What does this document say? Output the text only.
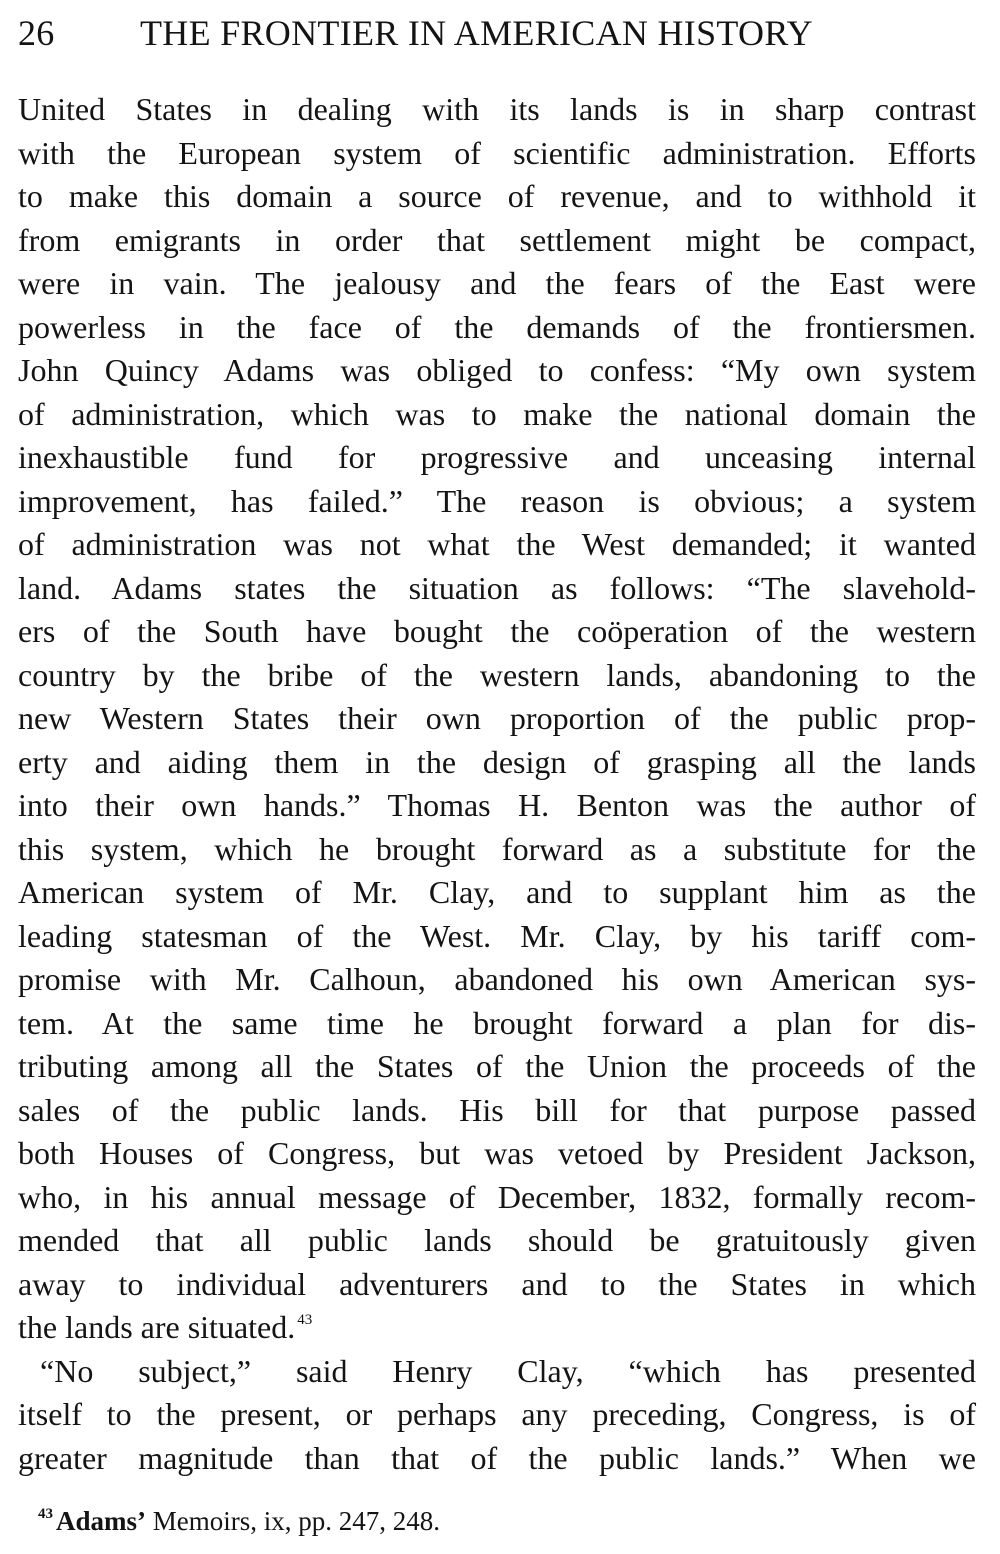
26 THE FRONTIER IN AMERICAN HISTORY
United States in dealing with its lands is in sharp contrast
with the European system of scientific administration. Efforts
to make this domain a source of revenue, and to withhold it
from emigrants in order that settlement might be compact,
were in vain. The jealousy and the fears of the East were
powerless in the face of the demands of the frontiersmen.
John Quincy Adams was obliged to confess: “My own system
of administration, which was to make the national domain the
inexhaustible fund for progressive and unceasing internal
improvement, has failed.” The reason is obvious; a system
of administration was not what the West demanded; it wanted
land. Adams states the situation as follows: “The slavehold-
ers of the South have bought the coöperation of the western
country by the bribe of the western lands, abandoning to the
new Western States their own proportion of the public prop-
erty and aiding them in the design of grasping all the lands
into their own hands.” Thomas H. Benton was the author of
this system, which he brought forward as a substitute for the
American system of Mr. Clay, and to supplant him as the
leading statesman of the West. Mr. Clay, by his tariff com-
promise with Mr. Calhoun, abandoned his own American sys-
tem. At the same time he brought forward a plan for dis-
tributing among all the States of the Union the proceeds of the
sales of the public lands. His bill for that purpose passed
both Houses of Congress, but was vetoed by President Jackson,
who, in his annual message of December, 1832, formally recom-
mended that all public lands should be gratuitously given
away to individual adventurers and to the States in which
the lands are situated. $^{43}$
“No subject,” said Henry Clay, “which has presented
itself to the present, or perhaps any preceding, Congress, is of
greater magnitude than that of the public lands.” When we
$^{43}$ Adams’ Memoirs, ix, pp. 247, 248.
